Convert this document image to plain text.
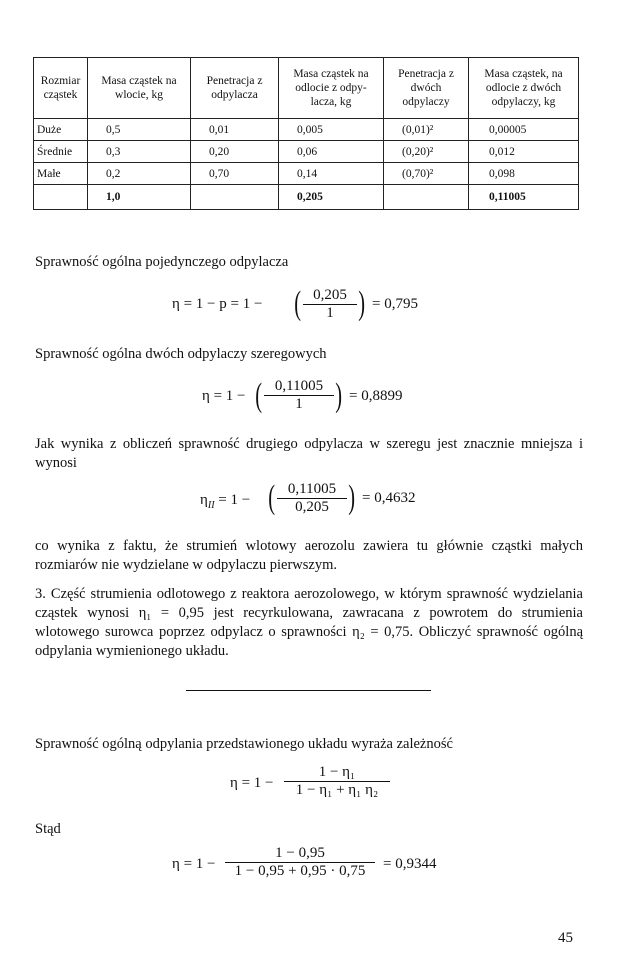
Rozmiar cząstek	Masa cząstek na wlocie, kg	Penetracja z odpylacza	Masa cząstek na odlocie z odpy-lacza, kg	Penetracja z dwóch odpylaczy	Masa cząstek, na odlocie z dwóch odpylaczy, kg
Duże	0,5	0,01	0,005	(0,01)²	0,00005
Średnie	0,3	0,20	0,06	(0,20)²	0,012
Małe	0,2	0,70	0,14	(0,70)²	0,098
	1,0		0,205		0,11005
Sprawność ogólna pojedynczego odpylacza
η = 1 − p = 1 − ( $\frac{0,205}{1}$ ) = 0,795
Sprawność ogólna dwóch odpylaczy szeregowych
η = 1 − ( $\frac{0,11005}{1}$ ) = 0,8899
Jak wynika z obliczeń sprawność drugiego odpylacza w szeregu jest znacznie mniejsza i wynosi
$\eta_{II} = 1$ − ( $\frac{0,11005}{0,205}$ ) = 0,4632
co wynika z faktu, że strumień wlotowy aerozolu zawiera tu głównie cząstki małych rozmiarów nie wydzielane w odpylaczu pierwszym.
3. Część strumienia odlotowego z reaktora aerozolowego, w którym sprawność wydzielania cząstek wynosi η₁ = 0,95 jest recyrkulowana, zawracana z powrotem do strumienia wlotowego surowca poprzez odpylacz o sprawności η₂ = 0,75. Obliczyć sprawność ogólną odpylania wymienionego układu.
Sprawność ogólną odpylania przedstawionego układu wyraża zależność
$\eta = 1 - \frac{\text{1 − η₁}}{\text{1 − η₁ + η₁ η₂}}$
Stąd
$\eta = 1 - \frac{1 - 0,95}{1 - 0,95 + 0,95 \cdot 0,75} = 0,9344$
45
